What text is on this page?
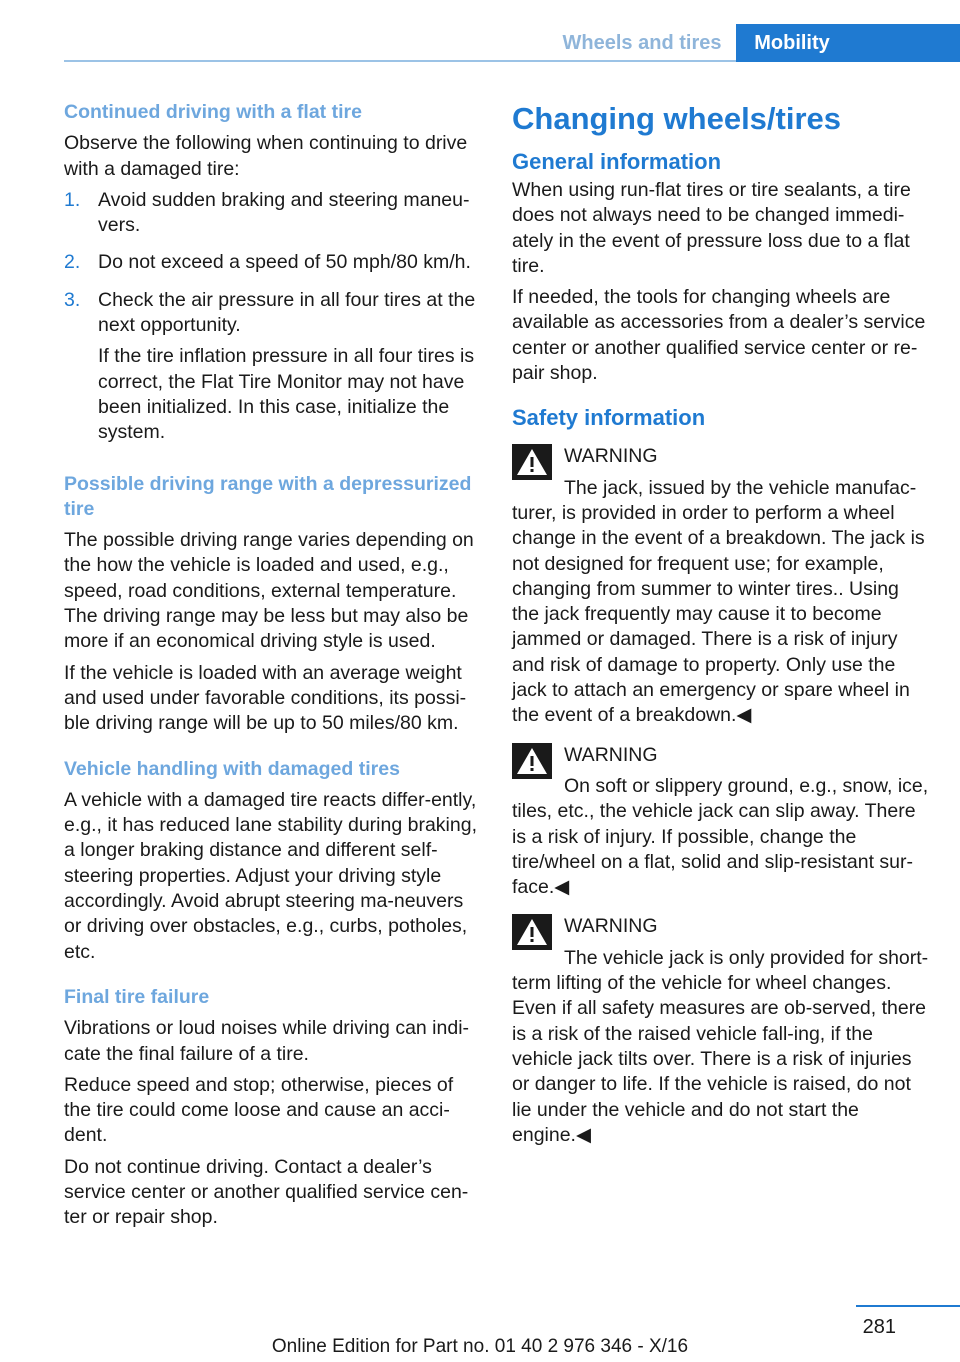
Wheels and tires	Mobility
Continued driving with a flat tire

Observe the following when continuing to drive with a damaged tire:

1. Avoid sudden braking and steering maneu-vers.

2. Do not exceed a speed of 50 mph/80 km/h.

3. Check the air pressure in all four tires at the next opportunity.

If the tire inflation pressure in all four tires is correct, the Flat Tire Monitor may not have been initialized. In this case, initialize the system.

Possible driving range with a depressurized tire

The possible driving range varies depending on the how the vehicle is loaded and used, e.g., speed, road conditions, external temperature. The driving range may be less but may also be more if an economical driving style is used.

If the vehicle is loaded with an average weight and used under favorable conditions, its possi-ble driving range will be up to 50 miles/80 km.

Vehicle handling with damaged tires

A vehicle with a damaged tire reacts differ-ently, e.g., it has reduced lane stability during braking, a longer braking distance and different self-steering properties. Adjust your driving style accordingly. Avoid abrupt steering ma-neuvers or driving over obstacles, e.g., curbs, potholes, etc.

Final tire failure

Vibrations or loud noises while driving can indi-cate the final failure of a tire.

Reduce speed and stop; otherwise, pieces of the tire could come loose and cause an acci-dent.

Do not continue driving. Contact a dealer’s service center or another qualified service cen-ter or repair shop.

Changing wheels/tires
General information

When using run-flat tires or tire sealants, a tire does not always need to be changed immedi-ately in the event of pressure loss due to a flat tire.

If needed, the tools for changing wheels are available as accessories from a dealer’s service center or another qualified service center or re-pair shop.

Safety information
WARNING
The jack, issued by the vehicle manufac-turer, is provided in order to perform a wheel change in the event of a breakdown. The jack is not designed for frequent use; for example, changing from summer to winter tires.. Using the jack frequently may cause it to become jammed or damaged. There is a risk of injury and risk of damage to property. Only use the jack to attach an emergency or spare wheel in the event of a breakdown.◀
WARNING
On soft or slippery ground, e.g., snow, ice, tiles, etc., the vehicle jack can slip away. There is a risk of injury. If possible, change the tire/wheel on a flat, solid and slip-resistant sur-face.◀
WARNING
The vehicle jack is only provided for short-term lifting of the vehicle for wheel changes. Even if all safety measures are ob-served, there is a risk of the raised vehicle fall-ing, if the vehicle jack tilts over. There is a risk of injuries or danger to life. If the vehicle is raised, do not lie under the vehicle and do not start the engine.◀
281
Online Edition for Part no. 01 40 2 976 346 - X/16
